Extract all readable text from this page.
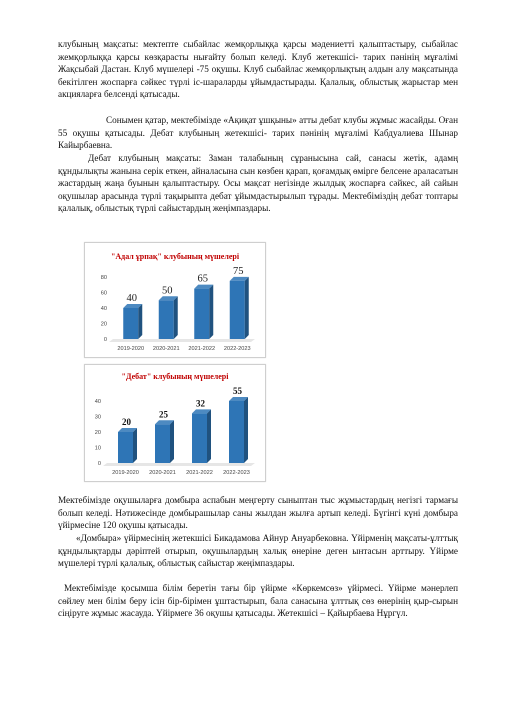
клубының мақсаты: мектепте сыбайлас жемқорлыққа қарсы мәдениетті қалыптастыру, сыбайлас жемқорлыққа қарсы көзқарасты нығайту болып келеді. Клуб жетекшісі- тарих пәнінің мұғалімі Жақсыбай Дастан. Клуб мүшелері -75 оқушы. Клуб сыбайлас жемқорлықтың алдын алу мақсатында бекітілген жоспарға сәйкес түрлі іс-шараларды ұйымдастырады. Қалалық, облыстық жарыстар мен акцияларға белсенді қатысады.

Сонымен қатар, мектебімізде «Ақиқат ұшқыны» атты дебат клубы жұмыс жасайды. Оған 55 оқушы қатысады. Дебат клубының жетекшісі- тарих пәнінің мұғалімі Кабдуалиева Шынар Кайырбаевна.

Дебат клубының мақсаты: Заман талабының сұранысына сай, санасы жетік, адамң құндылықты жанына серік еткен, айналасына сын көзбен қарап, қоғамдық өмірге белсене араласатын жастардың жаңа буынын қалыптастыру. Осы мақсат негізінде жылдық жоспарға сәйкес, ай сайын оқушылар арасында түрлі тақырыпта дебат ұйымдастырылып тұрады. Мектебіміздің дебат топтары қалалық, облыстық түрлі сайыстардың жеңімпаздары.

"Адал ұрпақ" клубының мүшелері
0
20
40
60
80
40
2019-2020
50
2020-2021
65
2021-2022
75
2022-2023
"Дебат" клубының мүшелері
0
10
20
30
40
20
2019-2020
25
2020-2021
32
2021-2022
55
2022-2023

Мектебімізде оқушыларға домбыра аспабын меңгерту сыныптан тыс жұмыстардың негізгі тармағы болып келеді. Нәтижесінде домбырашылар саны жылдан жылға артып келеді. Бүгінгі күні домбыра үйірмесіне 120 оқушы қатысады.

«Домбыра» үйірмесінің жетекшісі Бикадамова Айнур Ануарбековна. Үйірменің мақсаты-ұлттық құндылықтарды дәріптей отырып, оқушылардың халық өнеріне деген ынтасын арттыру. Үйірме мүшелері түрлі қалалық, облыстық сайыстар жеңімпаздары.

Мектебімізде қосымша білім беретін тағы бір үйірме «Көркемсөз» үйірмесі. Үйірме мәнерлеп сөйлеу мен білім беру ісін бір-бірімен ұштастырып, бала санасына ұлттық сөз өнерінің қыр-сырын сіңіруге жұмыс жасауда. Үйірмеге 36 оқушы қатысады. Жетекшісі – Қайырбаева Нұргүл.
